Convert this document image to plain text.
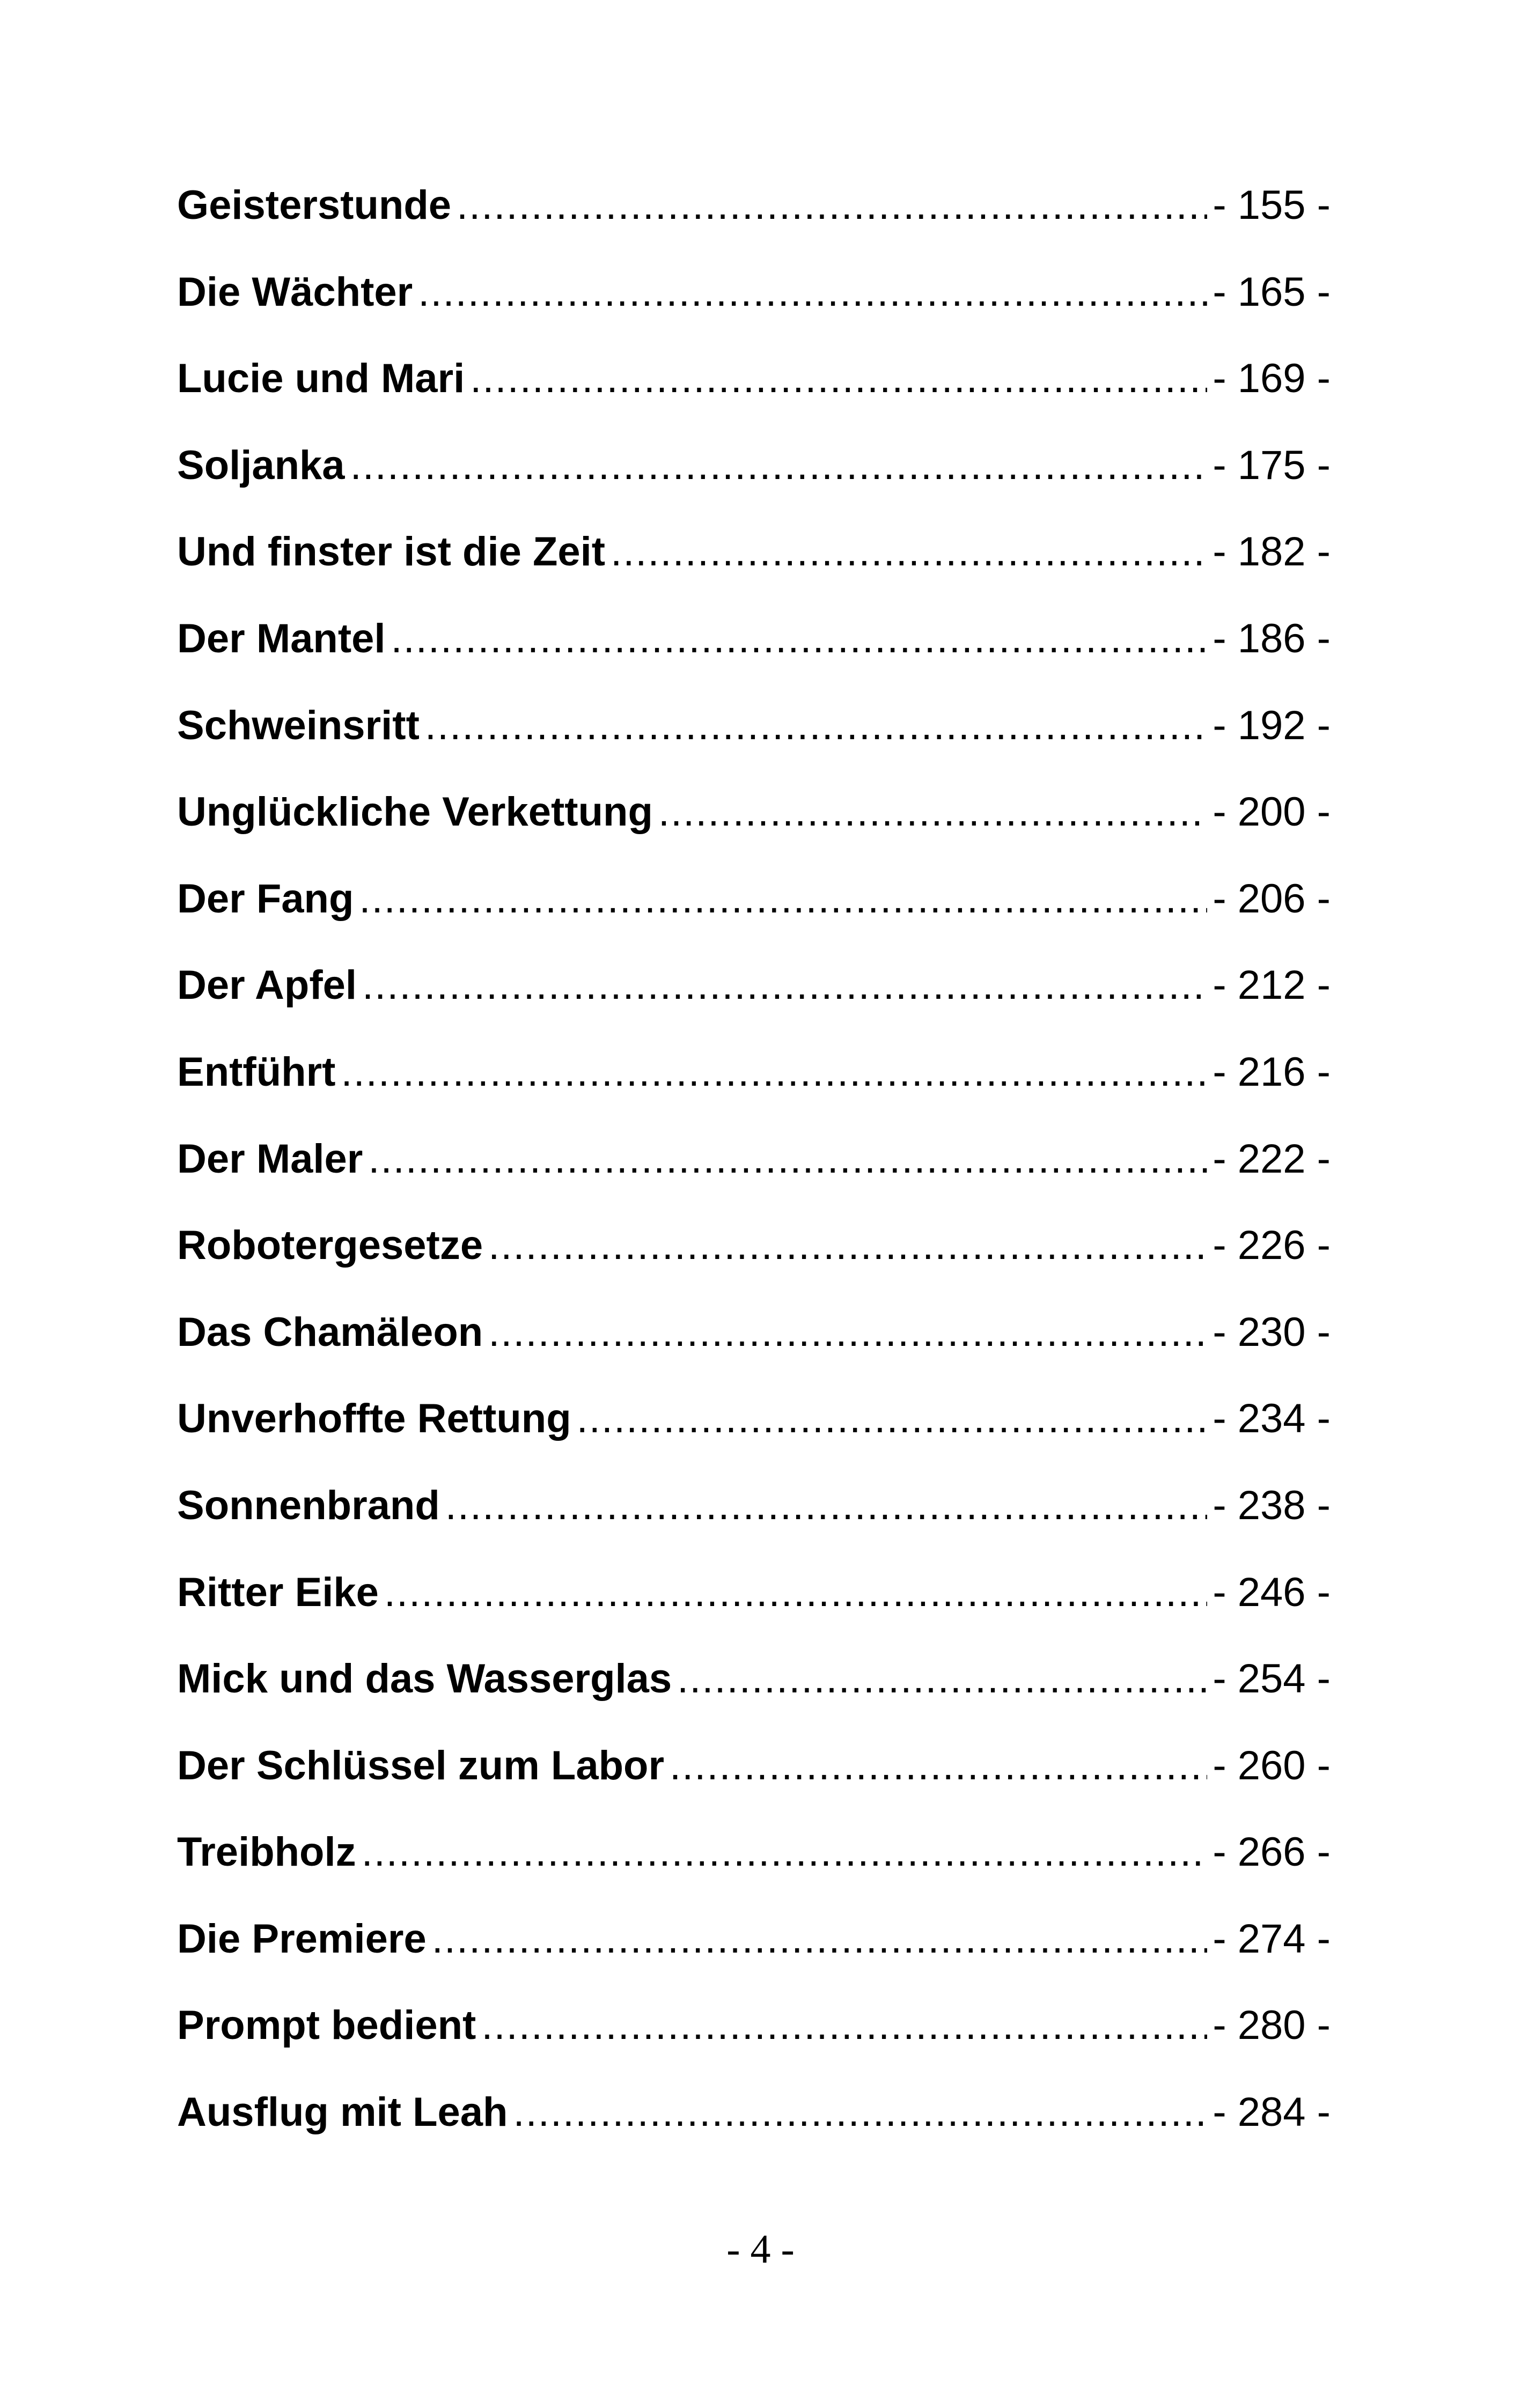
Geisterstunde .....	- 155 -
Die Wächter .....	- 165 -
Lucie und Mari .....	- 169 -
Soljanka .....	- 175 -
Und finster ist die Zeit .....	- 182 -
Der Mantel .....	- 186 -
Schweinsritt .....	- 192 -
Unglückliche Verkettung .....	- 200 -
Der Fang .....	- 206 -
Der Apfel .....	- 212 -
Entführt .....	- 216 -
Der Maler .....	- 222 -
Robotergesetze .....	- 226 -
Das Chamäleon .....	- 230 -
Unverhoffte Rettung .....	- 234 -
Sonnenbrand .....	- 238 -
Ritter Eike .....	- 246 -
Mick und das Wasserglas .....	- 254 -
Der Schlüssel zum Labor .....	- 260 -
Treibholz .....	- 266 -
Die Premiere .....	- 274 -
Prompt bedient .....	- 280 -
Ausflug mit Leah .....	- 284 -
- 4 -
